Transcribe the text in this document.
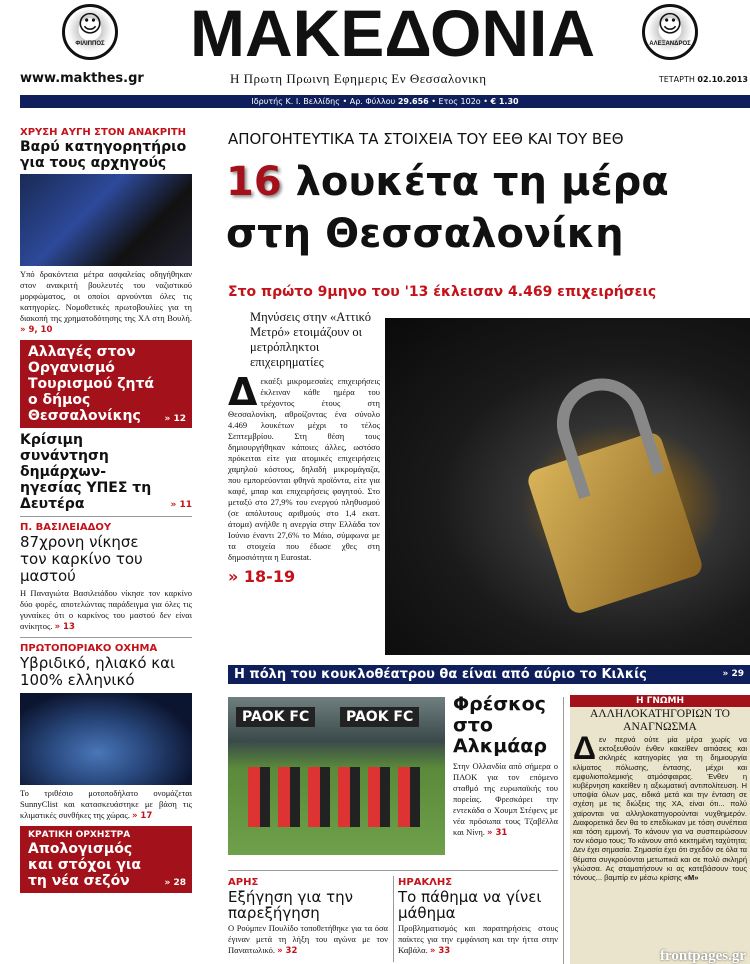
☺
ΦΙΛΙΠΠΟΣ	ΜΑΚΕΔΟΝΙΑ	☺
ΑΛΕΞΑΝΔΡΟΣ
www.makthes.gr	Η Πρωτη Πρωινη Εφημερις Εν Θεσσαλονικη	ΤΕΤΑΡΤΗ 02.10.2013
Ιδρυτής Κ. Ι. Βελλίδης • Αρ. Φύλλου 29.656 • Ετος 102ο • € 1.30
ΧΡΥΣΗ ΑΥΓΗ ΣΤΟΝ ΑΝΑΚΡΙΤΗ
Βαρύ κατηγορητήριο για τους αρχηγούς

Υπό δρακόντεια μέτρα ασφαλείας οδηγήθηκαν στον ανακριτή βουλευτές του ναζιστικού μορφώματος, οι οποίοι αρνούνται όλες τις κατηγορίες. Νομοθετικές πρωτοβουλίες για τη διακοπή της χρηματοδότησης της ΧΑ στη Βουλή. » 9, 10

Αλλαγές στον Οργανισμό Τουρισμού ζητά ο δήμος Θεσσαλονίκης	» 12
Κρίσιμη συνάντηση δημάρχων-ηγεσίας ΥΠΕΣ τη Δευτέρα	» 11
Π. ΒΑΣΙΛΕΙΑΔΟΥ
87χρονη νίκησε τον καρκίνο του μαστού

Η Παναγιώτα Βασιλειάδου νίκησε τον καρκίνο δύο φορές, αποτελώντας παράδειγμα για όλες τις γυναίκες ότι ο καρκίνος του μαστού δεν είναι ανίκητος. » 13

ΠΡΩΤΟΠΟΡΙΑΚΟ ΟΧΗΜΑ
Υβριδικό, ηλιακό και 100% ελληνικό

Το τριθέσιο μοτοποδήλατο ονομάζεται SunnyClist και κατασκευάστηκε με βάση τις κλιματικές συνθήκες της χώρας. » 17

ΚΡΑΤΙΚΗ ΟΡΧΗΣΤΡΑ
Απολογισμός και στόχοι για τη νέα σεζόν	» 28
ΑΠΟΓΟΗΤΕΥΤΙΚΑ ΤΑ ΣΤΟΙΧΕΙΑ ΤΟΥ ΕΕΘ ΚΑΙ ΤΟΥ ΒΕΘ
16 λουκέτα τη μέρα
στη Θεσσαλονίκη
Στο πρώτο 9μηνο του '13 έκλεισαν 4.469 επιχειρήσεις
Μηνύσεις στην «Αττικό Μετρό» ετοιμάζουν οι μετρόπληκτοι επιχειρηματίες
Δεκαέξι μικρομεσαίες επιχειρήσεις έκλειναν κάθε ημέρα του τρέχοντος έτους στη Θεσσαλονίκη, αθροίζοντας ένα σύνολο 4.469 λουκέτων μέχρι το τέλος Σεπτεμβρίου. Στη θέση τους δημιουργήθηκαν κάποιες άλλες, ωστόσο πρόκειται είτε για ατομικές επιχειρήσεις χαμηλού κόστους, δηλαδή μικρομάγαζα, που εμπορεύονται φθηνά προϊόντα, είτε για καφέ, μπαρ και επιχειρήσεις φαγητού. Στο μεταξύ στο 27,9% του ενεργού πληθυσμού (σε απόλυτους αριθμούς στο 1,4 εκατ. άτομα) ανήλθε η ανεργία στην Ελλάδα τον Ιούνιο έναντι 27,6% το Μάιο, σύμφωνα με τα στοιχεία που έδωσε χθες στη δημοσιότητα η Eurostat.
» 18-19
Η πόλη του κουκλοθέατρου θα είναι από αύριο το Κιλκίς	» 29
PAOK FC	PAOK FC
Φρέσκος στο Αλκμάαρ

Στην Ολλανδία από σήμερα ο ΠΑΟΚ για τον επόμενο σταθμό της ευρωπαϊκής του πορείας. Φρεσκάρει την εντεκάδα ο Χουμπ Στέφενς με νέα πρόσωπα τους Τζαβέλλα και Νίνη. » 31

ΑΡΗΣ
Εξήγηση για την παρεξήγηση

Ο Ρούμπεν Πουλίδο τοποθετήθηκε για τα όσα έγιναν μετά τη λήξη του αγώνα με τον Παναιτωλικό. » 32

ΗΡΑΚΛΗΣ
Το πάθημα να γίνει μάθημα

Προβληματισμός και παρατηρήσεις στους παίκτες για την εμφάνιση και την ήττα στην Καβάλα. » 33

Η ΓΝΩΜΗ
ΑΛΛΗΛΟΚΑΤΗΓΟΡΙΩΝ ΤΟ ΑΝΑΓΝΩΣΜΑ

Δεν περνά ούτε μία μέρα χωρίς να εκτοξευθούν ένθεν κακείθεν αιτιάσεις και σκληρές κατηγορίες για τη δημιουργία κλίματος πόλωσης, έντασης, μέχρι και εμφυλιοπολεμικής ατμόσφαιρας. Ένθεν η κυβέρνηση κακείθεν η αξιωματική αντιπολίτευση. Η υποψία όλων μας, ειδικά μετά και την ένταση σε σχέση με τις διώξεις της ΧΑ, είναι ότι... πολύ χαίρονται να αλληλοκατηγορούνται νυχθημερόν. Διαφορετικά δεν θα το επεδίωκαν με τόση συνέπεια και τόση εμμονή. Το κάνουν για να συσπειρώσουν τον κόσμο τους; Το κάνουν από κεκτημένη ταχύτητα; Δεν έχει σημασία. Σημασία έχει ότι σχεδόν σε όλα τα θέματα συγκρούονται μετωπικά και σε πολύ σκληρή γλώσσα. Ας σταματήσουν κι ας κατεβάσουν τους τόνους... βαμπίρ εν μέσω κρίσης «Μ»

frontpages.gr
